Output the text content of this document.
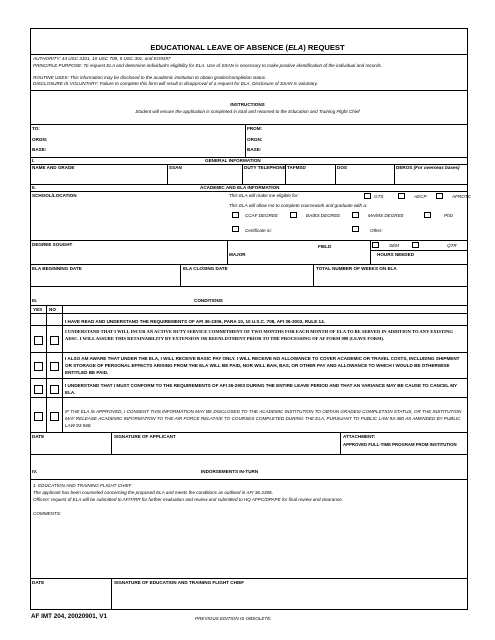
EDUCATIONAL LEAVE OF ABSENCE (ELA) REQUEST
AUTHORITY: 44 USC 3101, 10 USC 708, 5 USC 301, and EO9397
PRINCIPLE PURPOSE: To request ELA and determine individual's eligibility for ELA. Use of SSAN is necessary to make positive identification of the individual and records.
ROUTINE USES: This information may be disclosed to the academic institution to obtain grades/completion status.
DISCLOSURE IS VOLUNTARY: Failure to complete this form will result in disapproval of a request for ELA. Disclosure of SSAN is voluntary.
INSTRUCTIONS
Student will ensure the application is completed in total and returned to the Education and Training Flight Chief
TO:
ORGN:
BASE:
FROM:
ORGN:
BASE:
I.	GENERAL INFORMATION
NAME AND GRADE	SSAN	DUTY TELEPHONE TAFMSD	DOS	DEROS (For overseas bases)
II.	ACADEMIC AND ELA INFORMATION
SCHOOL/LOCATION	This ELA will make me eligible for:	GTS	AECP	AFROTC
This ELA will allow me to complete coursework and graduate with a:
CCAF DEGREE	BA/BS DEGREE	MA/MS DEGREE	PhD
Certificate in:	Other:
DEGREE SOUGHT	FIELD	SEM	QTR
MAJOR	HOURS NEEDED
ELA BEGINNING DATE	ELA CLOSING DATE	TOTAL NUMBER OF WEEKS ON ELA
III.	CONDITIONS
YES NO
I HAVE READ AND UNDERSTAND THE REQUIREMENTS OF AFI 36-2306, PARA 10, 10 U.S.C. 708, AFI 36-3003, RULE 14.
I UNDERSTAND THAT I WILL INCUR AN ACTIVE DUTY SERVICE COMMITMENT OF TWO MONTHS FOR EACH MONTH OF ELA TO BE SERVED IN ADDITION TO ANY EXISTING ADSC. I WILL ASSURE THIS RETAINABILITY BY EXTENSION OR REENLISTMENT PRIOR TO THE PROCESSING OF AF FORM 988 (LEAVE FORM).
I ALSO AM AWARE THAT UNDER THE ELA, I WILL RECEIVE BASIC PAY ONLY. I WILL RECEIVE NO ALLOWANCE TO COVER ACADEMIC OR TRAVEL COSTS, INCLUDING SHIPMENT OR STORAGE OF PERSONAL EFFECTS ARISING FROM THE ELA WILL BE PAID, NOR WILL BAH, BAS, OR OTHER PAY AND ALLOWANCE TO WHICH I WOULD BE OTHERWISE ENTITLED BE PAID.
I UNDERSTAND THAT I MUST CONFORM TO THE REQUIREMENTS OF AFI 36-2903 DURING THE ENTIRE LEAVE PERIOD AND THAT AN VARIANCE MAY BE CAUSE TO CANCEL MY ELA.
IF THE ELA IS APPROVED, I CONSENT THIS INFORMATION MAY BE DISCLOSED TO THE ACADEMIC INSTITUTION TO OBTAIN GRADES/ COMPLETION STATUS, OR THE INSTITUTION MAY RELEASE ACADEMIC INFORMATION TO THE AIR FORCE RELATIVE TO COURSES COMPLETED DURING THE ELA, PURSUANT TO PUBLIC LAW 93-380 AS AMENDED BY PUBLIC LAW 93-568.
DATE	SIGNATURE OF APPLICANT	ATTACHMENT:
APPROVED FULL-TIME PROGRAM FROM INSTITUTION
IV.	INDORSEMENTS IN-TURN
1. EDUCATION AND TRAINING FLIGHT CHIEF
The applicant has been counseled concerning the proposed ELA and meets the conditions as outlined in AFI 36-2306.
Officers' request of ELA will be submitted to AFIT/RR for further evaluation and review and submitted to HQ AFPC/DPAPE for final review and clearance.
COMMENTS:
DATE	SIGNATURE OF EDUCATION AND TRAINING FLIGHT CHIEF
AF IMT 204, 20020901, V1	PREVIOUS EDITION IS OBSOLETE.
